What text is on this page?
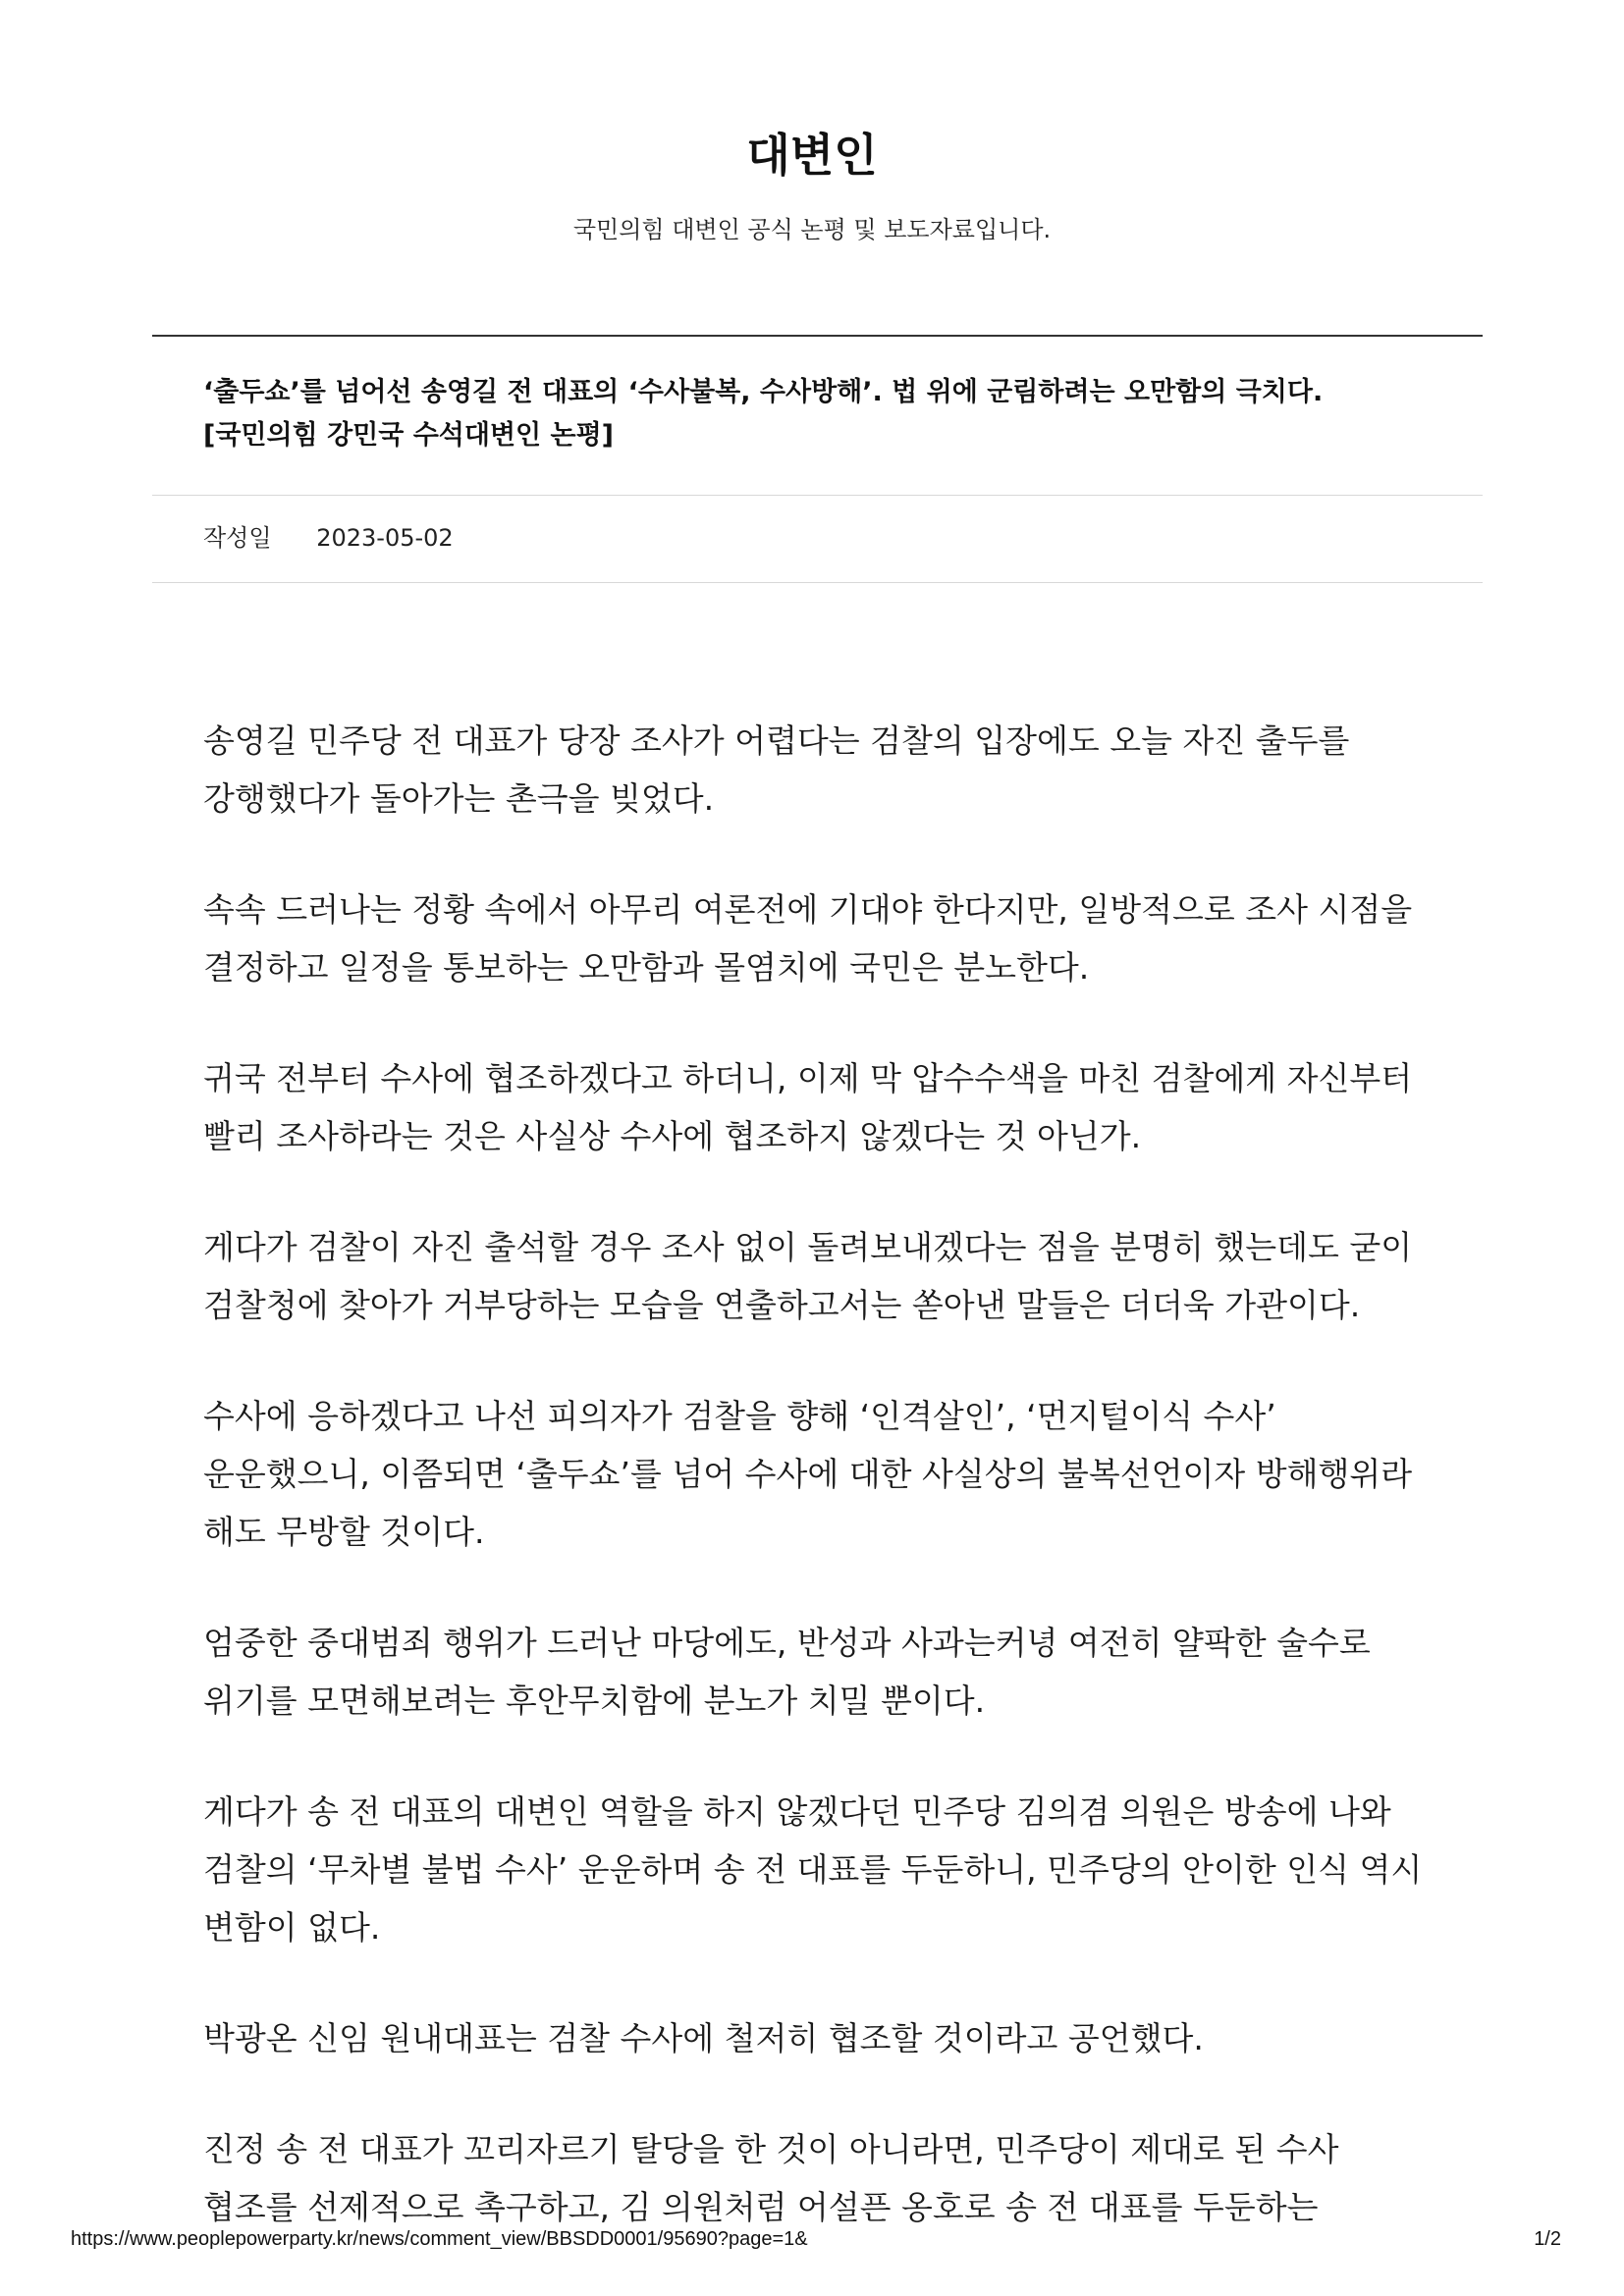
대변인
국민의힘 대변인 공식 논평 및 보도자료입니다.
‘출두쇼’를 넘어선 송영길 전 대표의 ‘수사불복, 수사방해’. 법 위에 군림하려는 오만함의 극치다.
[국민의힘 강민국 수석대변인 논평]
작성일 2023-05-02

송영길 민주당 전 대표가 당장 조사가 어렵다는 검찰의 입장에도 오늘 자진 출두를 강행했다가 돌아가는 촌극을 빚었다.

속속 드러나는 정황 속에서 아무리 여론전에 기대야 한다지만, 일방적으로 조사 시점을 결정하고 일정을 통보하는 오만함과 몰염치에 국민은 분노한다.

귀국 전부터 수사에 협조하겠다고 하더니, 이제 막 압수수색을 마친 검찰에게 자신부터 빨리 조사하라는 것은 사실상 수사에 협조하지 않겠다는 것 아닌가.

게다가 검찰이 자진 출석할 경우 조사 없이 돌려보내겠다는 점을 분명히 했는데도 굳이 검찰청에 찾아가 거부당하는 모습을 연출하고서는 쏟아낸 말들은 더더욱 가관이다.

수사에 응하겠다고 나선 피의자가 검찰을 향해 ‘인격살인’, ‘먼지털이식 수사’ 운운했으니, 이쯤되면 ‘출두쇼’를 넘어 수사에 대한 사실상의 불복선언이자 방해행위라 해도 무방할 것이다.

엄중한 중대범죄 행위가 드러난 마당에도, 반성과 사과는커녕 여전히 얄팍한 술수로 위기를 모면해보려는 후안무치함에 분노가 치밀 뿐이다.

게다가 송 전 대표의 대변인 역할을 하지 않겠다던 민주당 김의겸 의원은 방송에 나와 검찰의 ‘무차별 불법 수사’ 운운하며 송 전 대표를 두둔하니, 민주당의 안이한 인식 역시 변함이 없다.

박광온 신임 원내대표는 검찰 수사에 철저히 협조할 것이라고 공언했다.

진정 송 전 대표가 꼬리자르기 탈당을 한 것이 아니라면, 민주당이 제대로 된 수사 협조를 선제적으로 촉구하고, 김 의원처럼 어설픈 옹호로 송 전 대표를 두둔하는

https://www.peoplepowerparty.kr/news/comment_view/BBSDD0001/95690?page=1&	1/2
